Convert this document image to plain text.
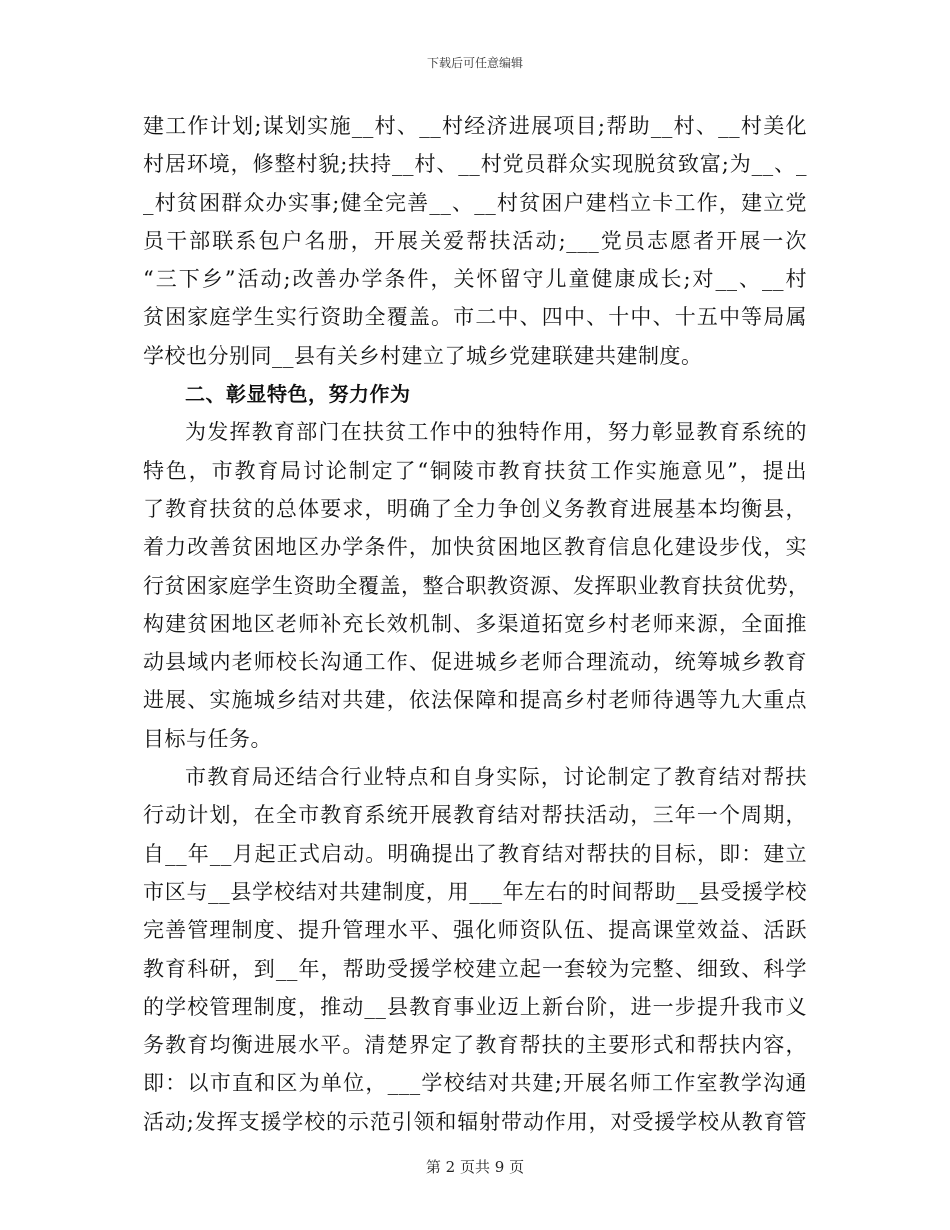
下载后可任意编辑
建工作计划;谋划实施__村、__村经济进展项目;帮助__村、__村美化
村居环境，修整村貌;扶持__村、__村党员群众实现脱贫致富;为__、_
_村贫困群众办实事;健全完善__、__村贫困户建档立卡工作，建立党
员干部联系包户名册，开展关爱帮扶活动;___党员志愿者开展一次
“三下乡”活动;改善办学条件，关怀留守儿童健康成长;对__、__村
贫困家庭学生实行资助全覆盖。市二中、四中、十中、十五中等局属
学校也分别同__县有关乡村建立了城乡党建联建共建制度。
二、彰显特色，努力作为
为发挥教育部门在扶贫工作中的独特作用，努力彰显教育系统的
特色，市教育局讨论制定了“铜陵市教育扶贫工作实施意见”，提出
了教育扶贫的总体要求，明确了全力争创义务教育进展基本均衡县，
着力改善贫困地区办学条件，加快贫困地区教育信息化建设步伐，实
行贫困家庭学生资助全覆盖，整合职教资源、发挥职业教育扶贫优势，
构建贫困地区老师补充长效机制、多渠道拓宽乡村老师来源，全面推
动县域内老师校长沟通工作、促进城乡老师合理流动，统筹城乡教育
进展、实施城乡结对共建，依法保障和提高乡村老师待遇等九大重点
目标与任务。
市教育局还结合行业特点和自身实际，讨论制定了教育结对帮扶
行动计划，在全市教育系统开展教育结对帮扶活动，三年一个周期，
自__年__月起正式启动。明确提出了教育结对帮扶的目标，即：建立
市区与__县学校结对共建制度，用___年左右的时间帮助__县受援学校
完善管理制度、提升管理水平、强化师资队伍、提高课堂效益、活跃
教育科研，到__年，帮助受援学校建立起一套较为完整、细致、科学
的学校管理制度，推动__县教育事业迈上新台阶，进一步提升我市义
务教育均衡进展水平。清楚界定了教育帮扶的主要形式和帮扶内容，
即：以市直和区为单位，___学校结对共建;开展名师工作室教学沟通
活动;发挥支援学校的示范引领和辐射带动作用，对受援学校从教育管
第 2 页共 9 页
